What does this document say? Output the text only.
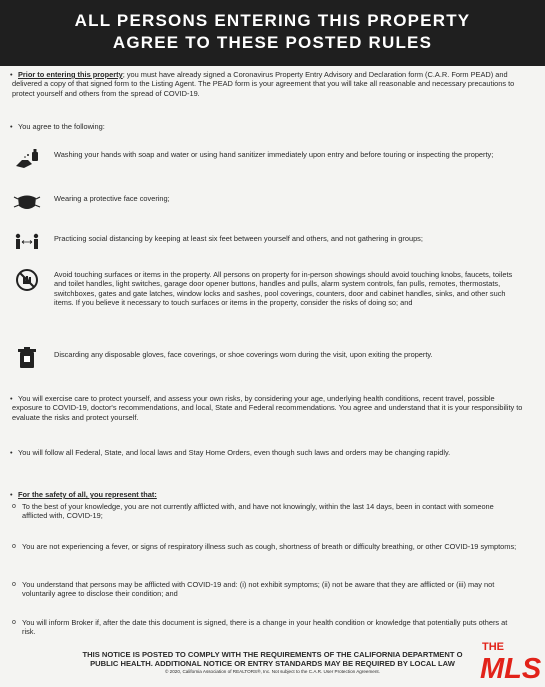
ALL PERSONS ENTERING THIS PROPERTY
AGREE TO THESE POSTED RULES
• Prior to entering this property; you must have already signed a Coronavirus Property Entry Advisory and Declaration form (C.A.R. Form PEAD) and delivered a copy of that signed form to the Listing Agent. The PEAD form is your agreement that you will take all reasonable and necessary precautions to protect yourself and others from the spread of COVID-19.
• You agree to the following:
Washing your hands with soap and water or using hand sanitizer immediately upon entry and before touring or inspecting the property;
Wearing a protective face covering;
Practicing social distancing by keeping at least six feet between yourself and others, and not gathering in groups;
Avoid touching surfaces or items in the property. All persons on property for in-person showings should avoid touching knobs, faucets, toilets and toilet handles, light switches, garage door opener buttons, handles and pulls, alarm system controls, fan pulls, remotes, thermostats, switchboxes, gates and gate latches, window locks and sashes, pool coverings, counters, door and cabinet handles, sinks, and other such items. If you believe it necessary to touch surfaces or items in the property, consider the risks of doing so; and
Discarding any disposable gloves, face coverings, or shoe coverings worn during the visit, upon exiting the property.
• You will exercise care to protect yourself, and assess your own risks, by considering your age, underlying health conditions, recent travel, possible exposure to COVID-19, doctor's recommendations, and local, State and Federal recommendations. You agree and understand that it is your responsibility to evaluate the risks and protect yourself.
• You will follow all Federal, State, and local laws and Stay Home Orders, even though such laws and orders may be changing rapidly.
• For the safety of all, you represent that:
o To the best of your knowledge, you are not currently afflicted with, and have not knowingly, within the last 14 days, been in contact with someone afflicted with, COVID-19;
o You are not experiencing a fever, or signs of respiratory illness such as cough, shortness of breath or difficulty breathing, or other COVID-19 symptoms;
o You understand that persons may be afflicted with COVID-19 and: (i) not exhibit symptoms; (ii) not be aware that they are afflicted or (iii) may not voluntarily agree to disclose their condition; and
o You will inform Broker if, after the date this document is signed, there is a change in your health condition or knowledge that potentially puts others at risk.
THIS NOTICE IS POSTED TO COMPLY WITH THE REQUIREMENTS OF THE CALIFORNIA DEPARTMENT O
PUBLIC HEALTH. ADDITIONAL NOTICE OR ENTRY STANDARDS MAY BE REQUIRED BY LOCAL LAW
© 2020, California Association of REALTORS®, Inc. Not subject to the C.A.R. User Protection Agreement.
THE
MLS
